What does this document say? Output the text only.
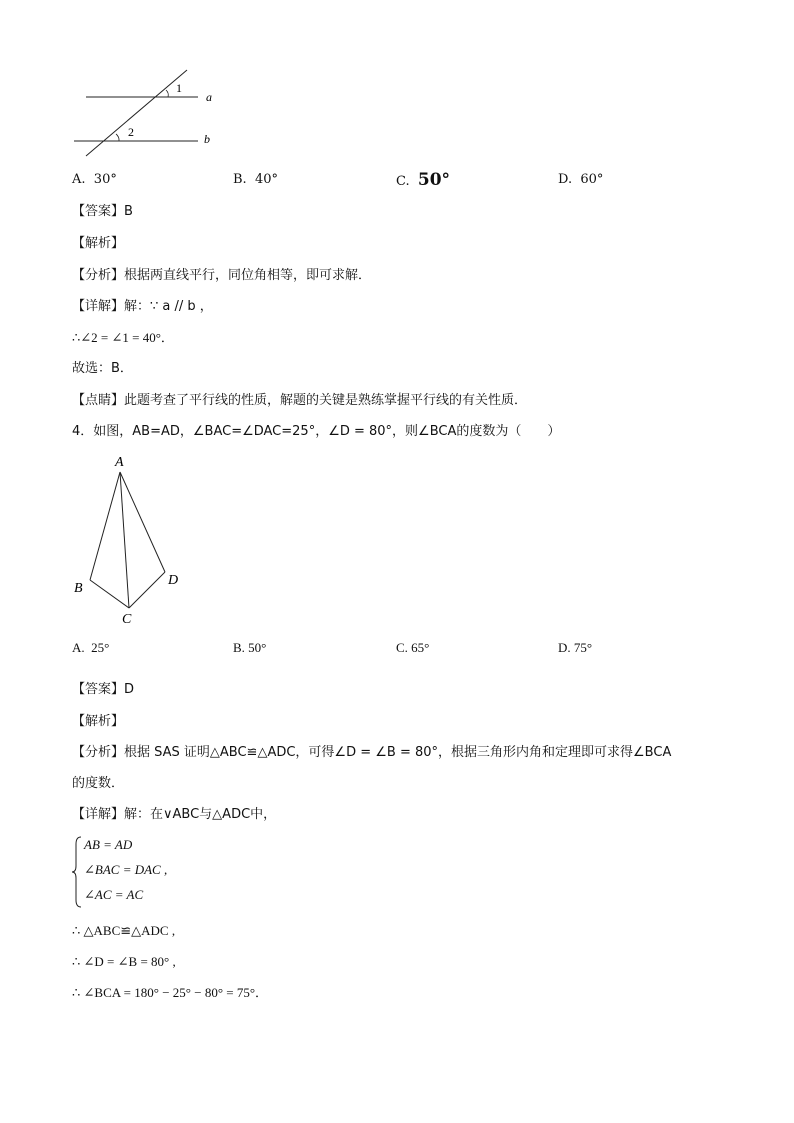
1
2
a
b
A. 30°	B. 40°	C. 50°	D. 60°
【答案】B
【解析】
【分析】根据两直线平行，同位角相等，即可求解．
【详解】解：∵ a // b ，
∴∠2 = ∠1 = 40°．
故选：B．
【点睛】此题考查了平行线的性质，解题的关键是熟练掌握平行线的有关性质．
4．如图，AB=AD，∠BAC=∠DAC=25°，∠D = 80°，则∠BCA的度数为（　　）
A
B
C
D
A. 25°	B. 50°	C. 65°	D. 75°
【答案】D
【解析】
【分析】根据 SAS 证明△ABC≌△ADC，可得∠D = ∠B = 80°，根据三角形内角和定理即可求得∠BCA
的度数．
【详解】解：在∨ABC与△ADC中，
AB = AD
∠BAC = DAC ,
∠AC = AC
∴ △ABC≌△ADC ,
∴ ∠D = ∠B = 80° ,
∴ ∠BCA = 180° − 25° − 80° = 75°．
